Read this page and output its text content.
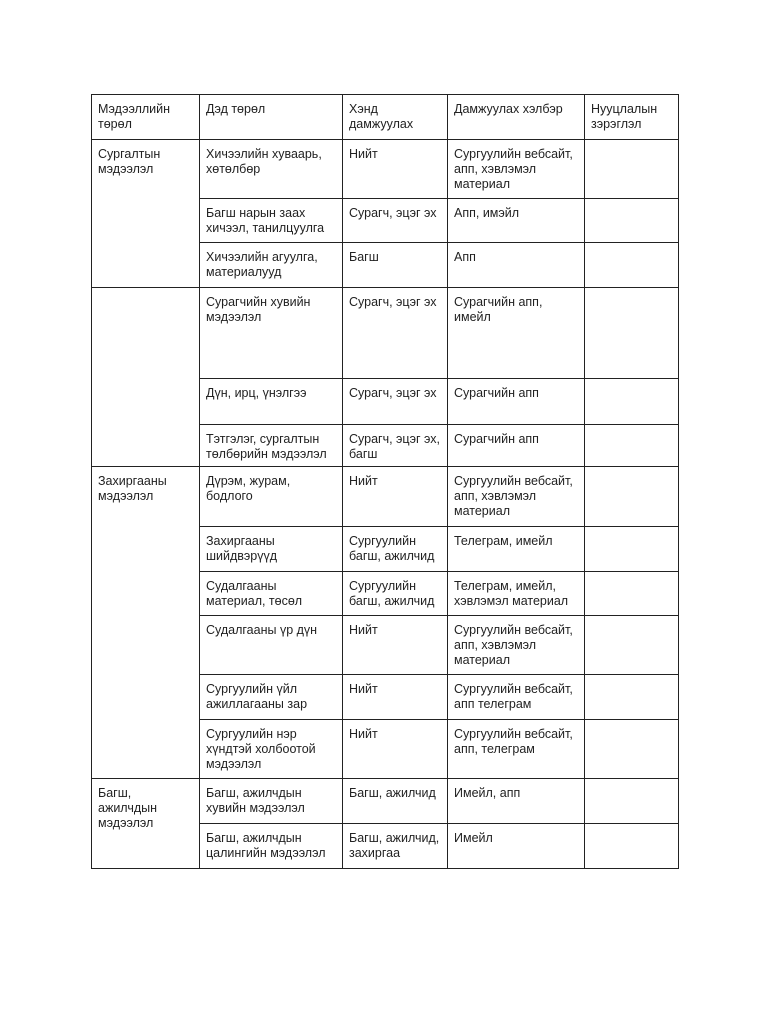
Мэдээллийн төрөл	Дэд төрөл	Хэнд дамжуулах	Дамжуулах хэлбэр	Нууцлалын зэрэглэл
Сургалтын мэдээлэл	Хичээлийн хуваарь, хөтөлбөр	Нийт	Сургуулийн вебсайт, апп, хэвлэмэл материал	
	Багш нарын заах хичээл, танилцуулга	Сурагч, эцэг эх	Апп, имэйл	
	Хичээлийн агуулга, материалууд	Багш	Апп	
	Сурагчийн хувийн мэдээлэл	Сурагч, эцэг эх	Сурагчийн апп, имейл	
	Дүн, ирц, үнэлгээ	Сурагч, эцэг эх	Сурагчийн апп	
	Тэтгэлэг, сургалтын төлбөрийн мэдээлэл	Сурагч, эцэг эх, багш	Сурагчийн апп	
Захиргааны мэдээлэл	Дүрэм, журам, бодлого	Нийт	Сургуулийн вебсайт, апп, хэвлэмэл материал	
	Захиргааны шийдвэрүүд	Сургуулийн багш, ажилчид	Телеграм, имейл	
	Судалгааны материал, төсөл	Сургуулийн багш, ажилчид	Телеграм, имейл, хэвлэмэл материал	
	Судалгааны үр дүн	Нийт	Сургуулийн вебсайт, апп, хэвлэмэл материал	
	Сургуулийн үйл ажиллагааны зар	Нийт	Сургуулийн вебсайт, апп телеграм	
	Сургуулийн нэр хүндтэй холбоотой мэдээлэл	Нийт	Сургуулийн вебсайт, апп, телеграм	
Багш, ажилчдын мэдээлэл	Багш, ажилчдын хувийн мэдээлэл	Багш, ажилчид	Имейл, апп	
	Багш, ажилчдын цалингийн мэдээлэл	Багш, ажилчид, захиргаа	Имейл	
